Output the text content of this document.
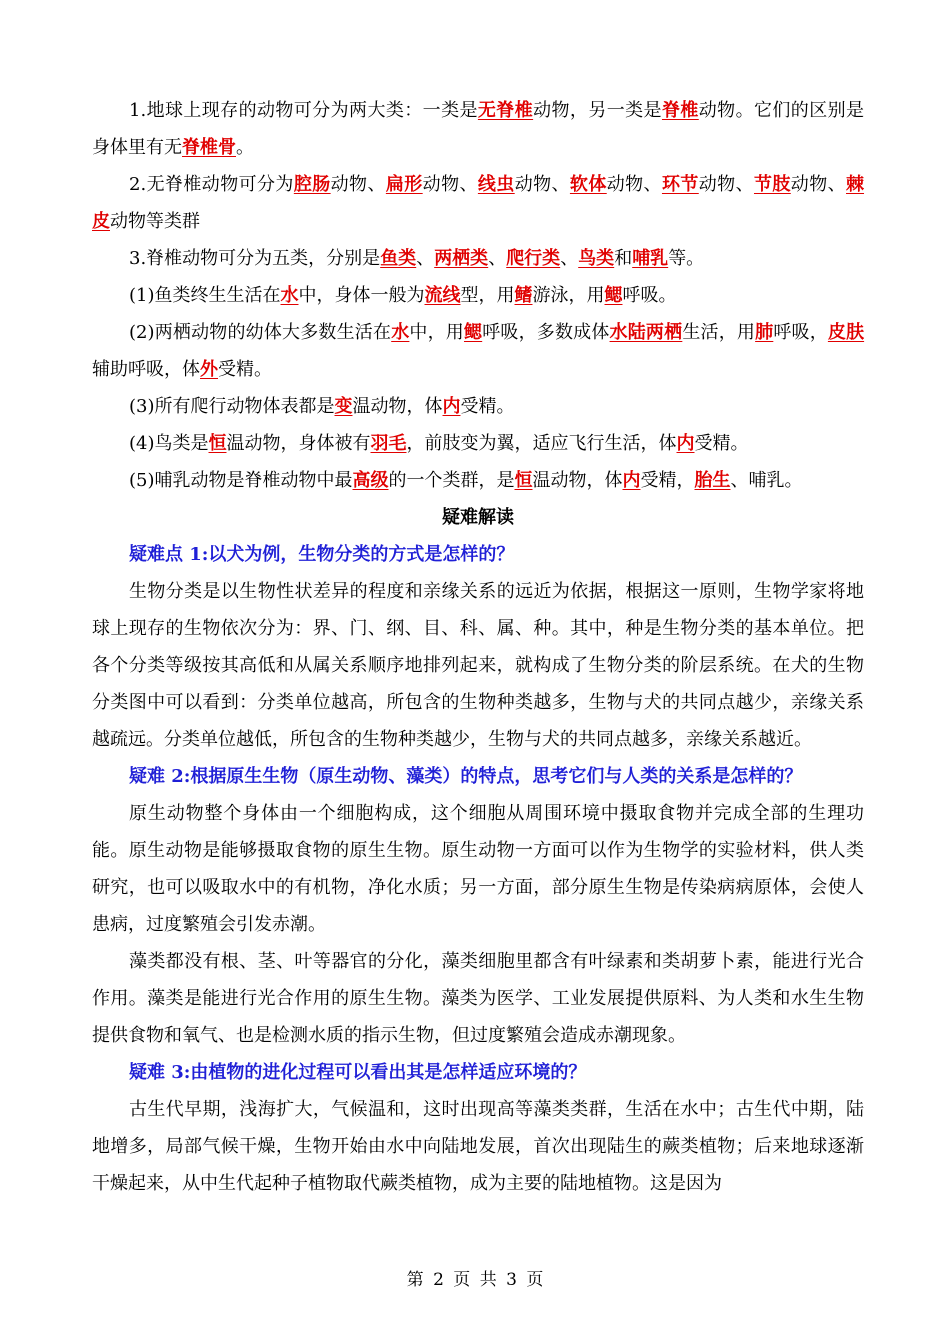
1.地球上现存的动物可分为两大类：一类是无脊椎动物，另一类是脊椎动物。它们的区别是身体里有无脊椎骨。

2.无脊椎动物可分为腔肠动物、扁形动物、线虫动物、软体动物、环节动物、节肢动物、棘皮动物等类群

3.脊椎动物可分为五类，分别是鱼类、两栖类、爬行类、鸟类和哺乳等。

(1)鱼类终生生活在水中，身体一般为流线型，用鳍游泳，用鳃呼吸。

(2)两栖动物的幼体大多数生活在水中，用鳃呼吸，多数成体水陆两栖生活，用肺呼吸，皮肤辅助呼吸，体外受精。

(3)所有爬行动物体表都是变温动物，体内受精。

(4)鸟类是恒温动物，身体被有羽毛，前肢变为翼，适应飞行生活，体内受精。

(5)哺乳动物是脊椎动物中最高级的一个类群，是恒温动物，体内受精，胎生、哺乳。

疑难解读

疑难点 1:以犬为例，生物分类的方式是怎样的？

生物分类是以生物性状差异的程度和亲缘关系的远近为依据，根据这一原则，生物学家将地球上现存的生物依次分为：界、门、纲、目、科、属、种。其中，种是生物分类的基本单位。把各个分类等级按其高低和从属关系顺序地排列起来，就构成了生物分类的阶层系统。在犬的生物分类图中可以看到：分类单位越高，所包含的生物种类越多，生物与犬的共同点越少，亲缘关系越疏远。分类单位越低，所包含的生物种类越少，生物与犬的共同点越多，亲缘关系越近。

疑难 2:根据原生生物（原生动物、藻类）的特点，思考它们与人类的关系是怎样的？

原生动物整个身体由一个细胞构成，这个细胞从周围环境中摄取食物并完成全部的生理功能。原生动物是能够摄取食物的原生生物。原生动物一方面可以作为生物学的实验材料，供人类研究，也可以吸取水中的有机物，净化水质；另一方面，部分原生生物是传染病病原体，会使人患病，过度繁殖会引发赤潮。

藻类都没有根、茎、叶等器官的分化，藻类细胞里都含有叶绿素和类胡萝卜素，能进行光合作用。藻类是能进行光合作用的原生生物。藻类为医学、工业发展提供原料、为人类和水生生物提供食物和氧气、也是检测水质的指示生物，但过度繁殖会造成赤潮现象。

疑难 3:由植物的进化过程可以看出其是怎样适应环境的？

古生代早期，浅海扩大，气候温和，这时出现高等藻类类群，生活在水中；古生代中期，陆地增多，局部气候干燥，生物开始由水中向陆地发展，首次出现陆生的蕨类植物；后来地球逐渐干燥起来，从中生代起种子植物取代蕨类植物，成为主要的陆地植物。这是因为

第 2 页 共 3 页
